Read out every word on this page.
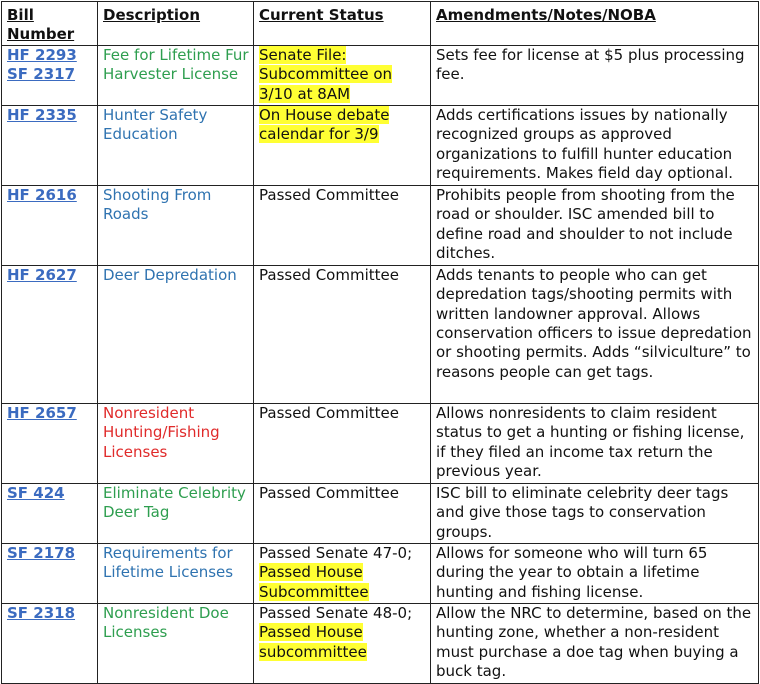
Bill Number	Description	Current Status	Amendments/Notes/NOBA

HF 2293
SF 2317	Fee for Lifetime Fur Harvester License	Senate File: Subcommittee on 3/10 at 8AM	Sets fee for license at $5 plus processing fee.

HF 2335	Hunter Safety Education	On House debate calendar for 3/9	Adds certifications issues by nationally recognized groups as approved organizations to fulfill hunter education requirements. Makes field day optional.

HF 2616	Shooting From Roads	Passed Committee	Prohibits people from shooting from the road or shoulder. ISC amended bill to define road and shoulder to not include ditches.

HF 2627	Deer Depredation	Passed Committee	Adds tenants to people who can get depredation tags/shooting permits with written landowner approval. Allows conservation officers to issue depredation or shooting permits. Adds “silviculture” to reasons people can get tags.

HF 2657	Nonresident Hunting/Fishing Licenses	Passed Committee	Allows nonresidents to claim resident status to get a hunting or fishing license, if they filed an income tax return the previous year.

SF 424	Eliminate Celebrity Deer Tag	Passed Committee	ISC bill to eliminate celebrity deer tags and give those tags to conservation groups.

SF 2178	Requirements for Lifetime Licenses	Passed Senate 47-0;
Passed House Subcommittee	Allows for someone who will turn 65 during the year to obtain a lifetime hunting and fishing license.

SF 2318	Nonresident Doe Licenses	Passed Senate 48-0;
Passed House subcommittee	Allow the NRC to determine, based on the hunting zone, whether a non-resident must purchase a doe tag when buying a buck tag.
